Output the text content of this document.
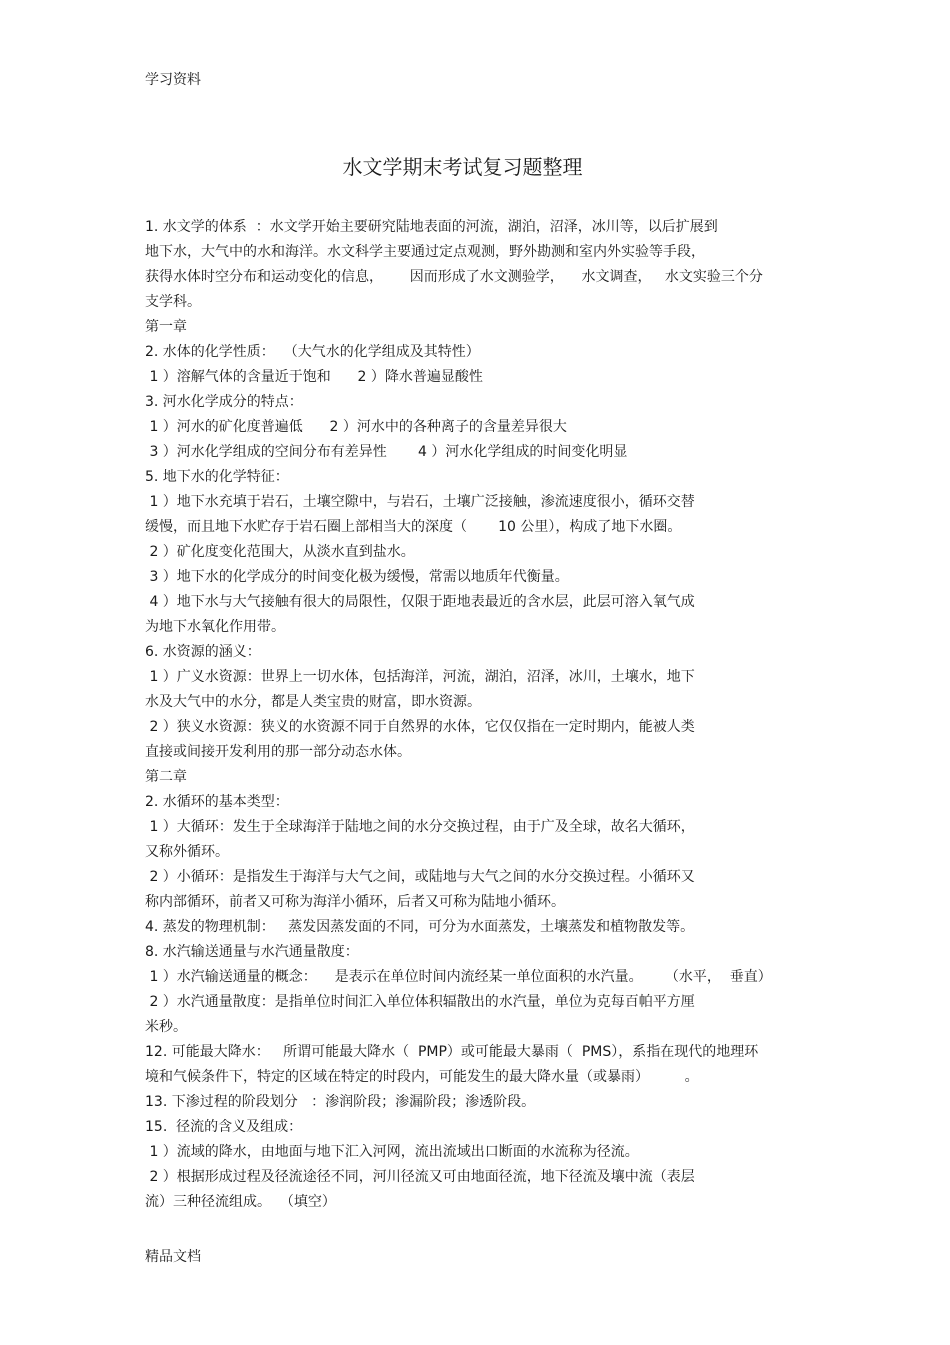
学习资料
水文学期末考试复习题整理
1. 水文学的体系  ：水文学开始主要研究陆地表面的河流，湖泊，沼泽，冰川等，以后扩展到
地下水，大气中的水和海洋。水文科学主要通过定点观测，野外勘测和室内外实验等手段，
获得水体时空分布和运动变化的信息，      因而形成了水文测验学，    水文调查，   水文实验三个分
支学科。
第一章
2. 水体的化学性质：  （大气水的化学组成及其特性）
1 ）溶解气体的含量近于饱和      2 ）降水普遍显酸性
3. 河水化学成分的特点：
1 ）河水的矿化度普遍低      2 ）河水中的各种离子的含量差异很大
3 ）河水化学组成的空间分布有差异性       4 ）河水化学组成的时间变化明显
5. 地下水的化学特征：
1 ）地下水充填于岩石，土壤空隙中，与岩石，土壤广泛接触，渗流速度很小，循环交替
缓慢，而且地下水贮存于岩石圈上部相当大的深度（       10 公里），构成了地下水圈。
2 ）矿化度变化范围大，从淡水直到盐水。
3 ）地下水的化学成分的时间变化极为缓慢，常需以地质年代衡量。
4 ）地下水与大气接触有很大的局限性，仅限于距地表最近的含水层，此层可溶入氧气成
为地下水氧化作用带。
6. 水资源的涵义：
1 ）广义水资源：世界上一切水体，包括海洋，河流，湖泊，沼泽，冰川，土壤水，地下
水及大气中的水分，都是人类宝贵的财富，即水资源。
2 ）狭义水资源：狭义的水资源不同于自然界的水体，它仅仅指在一定时期内，能被人类
直接或间接开发利用的那一部分动态水体。
第二章
2. 水循环的基本类型：
1 ）大循环：发生于全球海洋于陆地之间的水分交换过程，由于广及全球，故名大循环，
又称外循环。
2 ）小循环：是指发生于海洋与大气之间，或陆地与大气之间的水分交换过程。小循环又
称内部循环，前者又可称为海洋小循环，后者又可称为陆地小循环。
4. 蒸发的物理机制：   蒸发因蒸发面的不同，可分为水面蒸发，土壤蒸发和植物散发等。
8. 水汽输送通量与水汽通量散度：
1 ）水汽输送通量的概念：    是表示在单位时间内流经某一单位面积的水汽量。     （水平，  垂直）
2 ）水汽通量散度：是指单位时间汇入单位体积辐散出的水汽量，单位为克每百帕平方厘
米秒。
12. 可能最大降水：   所谓可能最大降水（  PMP）或可能最大暴雨（  PMS），系指在现代的地理环
境和气候条件下，特定的区域在特定的时段内，可能发生的最大降水量（或暴雨）        。
13. 下渗过程的阶段划分   ：渗润阶段；渗漏阶段；渗透阶段。
15.  径流的含义及组成：
1 ）流域的降水，由地面与地下汇入河网，流出流域出口断面的水流称为径流。
2 ）根据形成过程及径流途径不同，河川径流又可由地面径流，地下径流及壤中流（表层
流）三种径流组成。  （填空）
精品文档
